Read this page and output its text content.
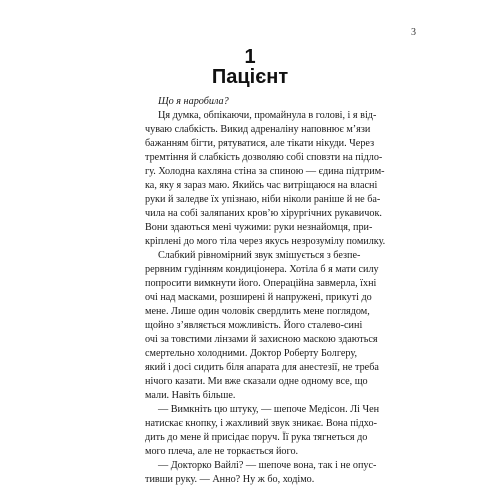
3
1
Пацієнт
Що я наробила?
Ця думка, обпікаючи, промайнула в голові, і я від-
чуваю слабкість. Викид адреналіну наповнює м’язи
бажанням бігти, рятуватися, але тікати нікуди. Через
тремтіння й слабкість дозволяю собі сповзти на підло-
гу. Холодна кахляна стіна за спиною — єдина підтрим-
ка, яку я зараз маю. Якийсь час витріщаюся на власні
руки й заледве їх упізнаю, ніби ніколи раніше й не ба-
чила на собі заляпаних кров’ю хірургічних рукавичок.
Вони здаються мені чужими: руки незнайомця, при-
кріплені до мого тіла через якусь незрозумілу помилку.
Слабкий рівномірний звук змішується з безпе-
рервним гудінням кондиціонера. Хотіла б я мати силу
попросити вимкнути його. Операційна завмерла, їхні
очі над масками, розширені й напружені, прикуті до
мене. Лише один чоловік свердлить мене поглядом,
щойно з’являється можливість. Його сталево-сині
очі за товстими лінзами й захисною маскою здаються
смертельно холодними. Доктор Роберту Болгеру,
який і досі сидить біля апарата для анестезії, не треба
нічого казати. Ми вже сказали одне одному все, що
мали. Навіть більше.
— Вимкніть цю штуку, — шепоче Медісон. Лі Чен
натискає кнопку, і жахливий звук зникає. Вона підхо-
дить до мене й присідає поруч. Її рука тягнеться до
мого плеча, але не торкається його.
— Докторко Вайлі? — шепоче вона, так і не опус-
тивши руку. — Анно? Ну ж бо, ходімо.
